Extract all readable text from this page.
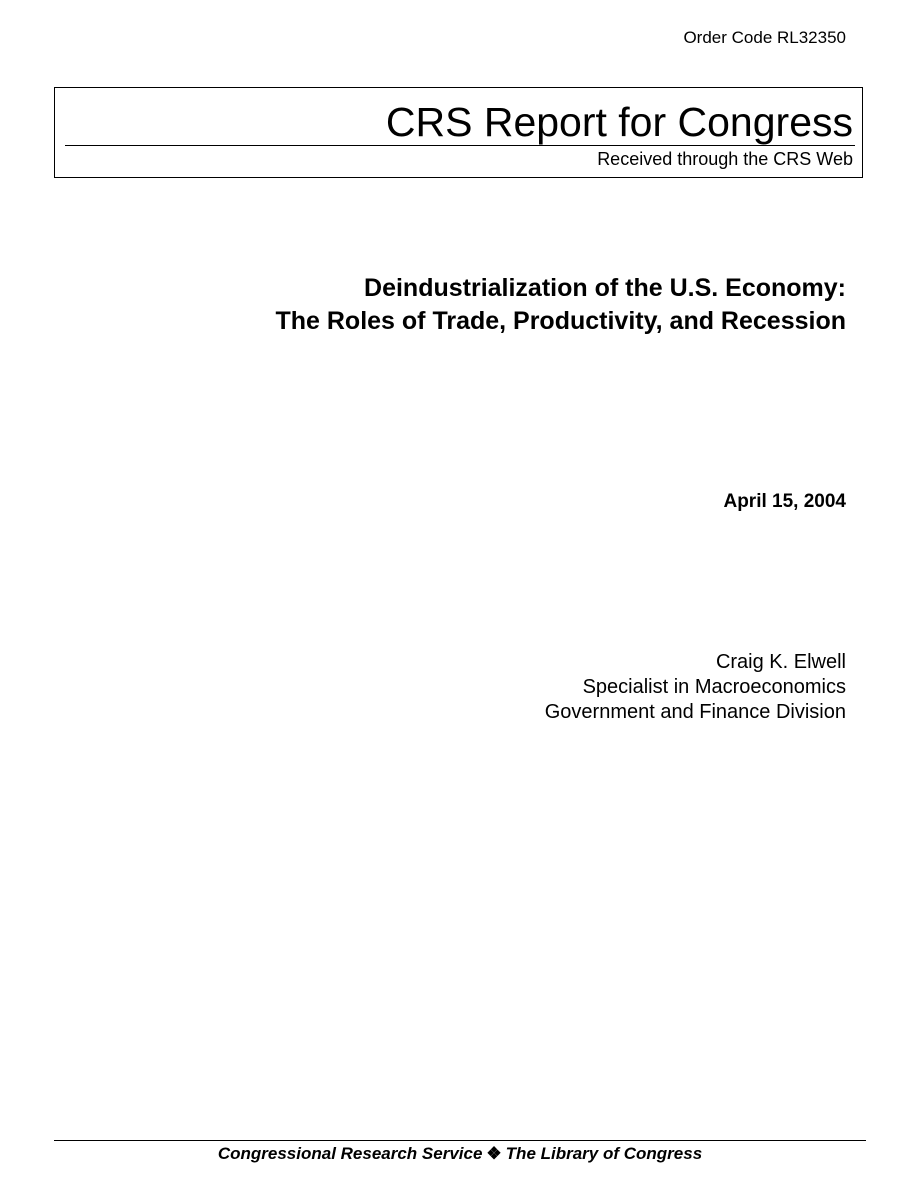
Order Code RL32350
CRS Report for Congress
Received through the CRS Web
Deindustrialization of the U.S. Economy:
The Roles of Trade, Productivity, and Recession
April 15, 2004
Craig K. Elwell
Specialist in Macroeconomics
Government and Finance Division
Congressional Research Service ❖ The Library of Congress
